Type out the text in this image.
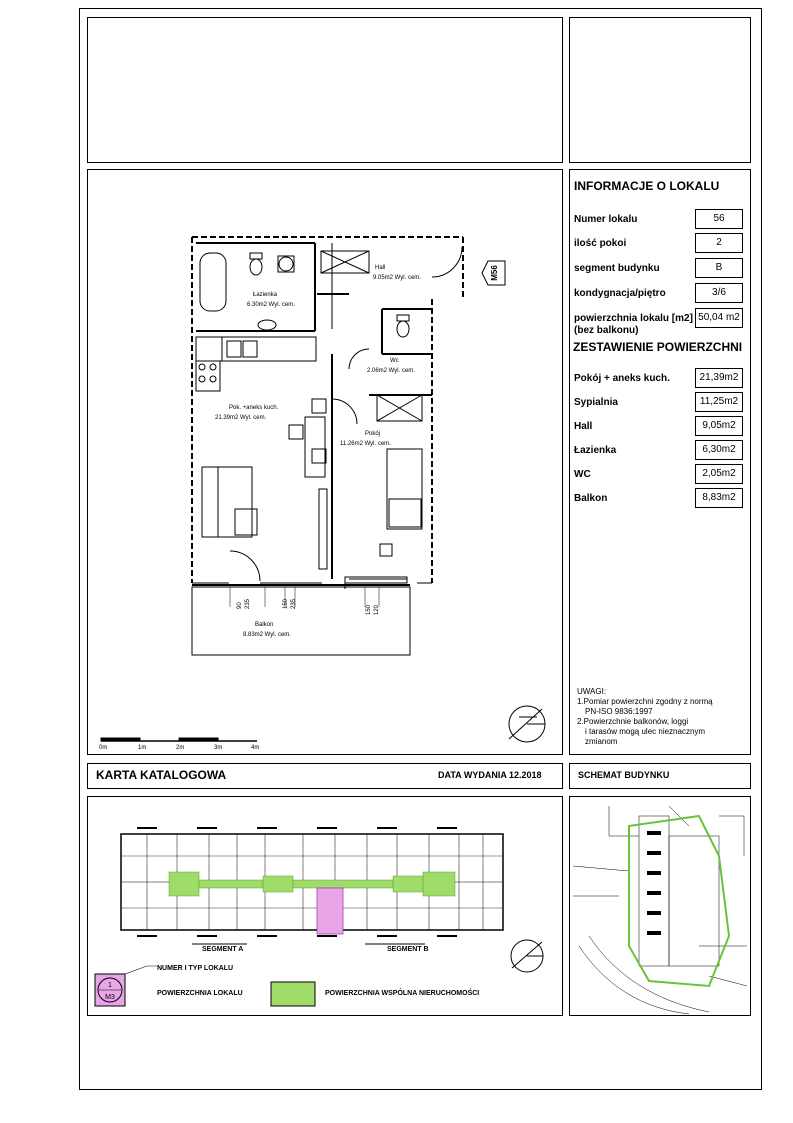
INFORMACJE O LOKALU
Numer lokalu	56
ilość pokoi	2
segment budynku	B
kondygnacja/piętro	3/6
powierzchnia lokalu [m2]
(bez balkonu)
50,04 m2
ZESTAWIENIE POWIERZCHNI
Pokój + aneks kuch.	21,39m2
Sypialnia	11,25m2
Hall	9,05m2
Łazienka	6,30m2
WC	2,05m2
Balkon	8,83m2
UWAGI:
1.Pomiar powierzchni zgodny z normą
PN-ISO 9836:1997
2.Powierzchnie balkonów, loggi
i tarasów mogą ulec nieznacznym
zmianom
M56
Hall
9.05m2 Wyl. cem.
Łazienka
6.30m2 Wyl. cem.
Wc
2.06m2 Wyl. cem.
Pok. +aneks kuch.
21.39m2 Wyl. cem.
Pokój
11.26m2 Wyl. cem.
Balkon
8.83m2 Wyl. cem.
90 235	150 235
150 120
0m	1m	2m	3m	4m
KARTA KATALOGOWA	DATA WYDANIA 12.2018	SCHEMAT BUDYNKU
SEGMENT A	SEGMENT B
1
M3
NUMER I TYP LOKALU
POWIERZCHNIA LOKALU	POWIERZCHNIA WSPÓLNA NIERUCHOMOŚCI
